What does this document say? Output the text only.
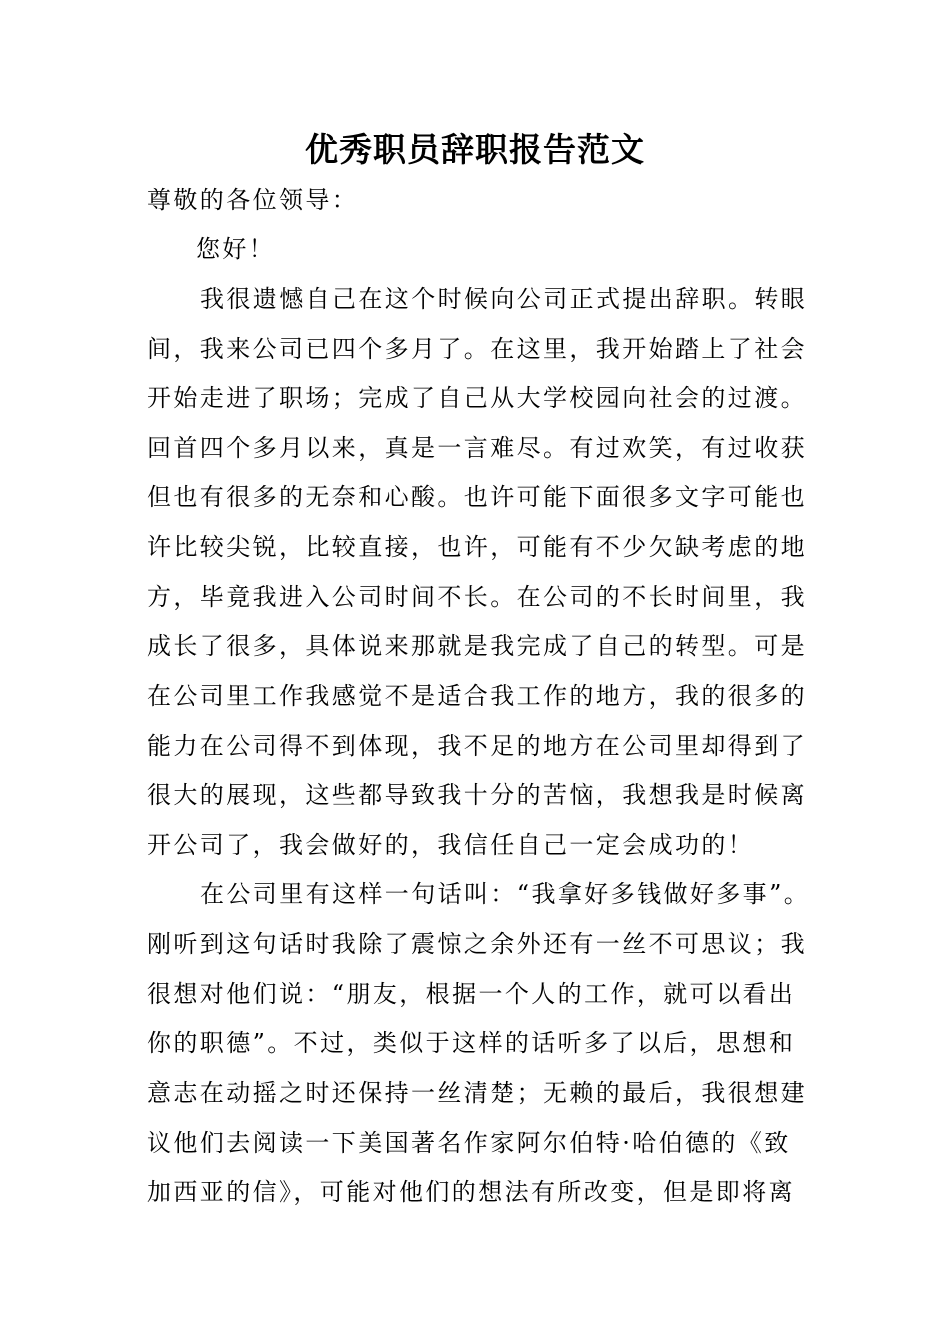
优秀职员辞职报告范文
尊敬的各位领导：
您好！
我很遗憾自己在这个时候向公司正式提出辞职。转眼
间，我来公司已四个多月了。在这里，我开始踏上了社会
开始走进了职场；完成了自己从大学校园向社会的过渡。
回首四个多月以来，真是一言难尽。有过欢笑，有过收获
但也有很多的无奈和心酸。也许可能下面很多文字可能也
许比较尖锐，比较直接，也许，可能有不少欠缺考虑的地
方，毕竟我进入公司时间不长。在公司的不长时间里，我
成长了很多，具体说来那就是我完成了自己的转型。可是
在公司里工作我感觉不是适合我工作的地方，我的很多的
能力在公司得不到体现，我不足的地方在公司里却得到了
很大的展现，这些都导致我十分的苦恼，我想我是时候离
开公司了，我会做好的，我信任自己一定会成功的！
在公司里有这样一句话叫：“我拿好多钱做好多事”。
刚听到这句话时我除了震惊之余外还有一丝不可思议；我
很想对他们说：“朋友，根据一个人的工作，就可以看出
你的职德”。不过，类似于这样的话听多了以后，思想和
意志在动摇之时还保持一丝清楚；无赖的最后，我很想建
议他们去阅读一下美国著名作家阿尔伯特·哈伯德的《致
加西亚的信》，可能对他们的想法有所改变，但是即将离
